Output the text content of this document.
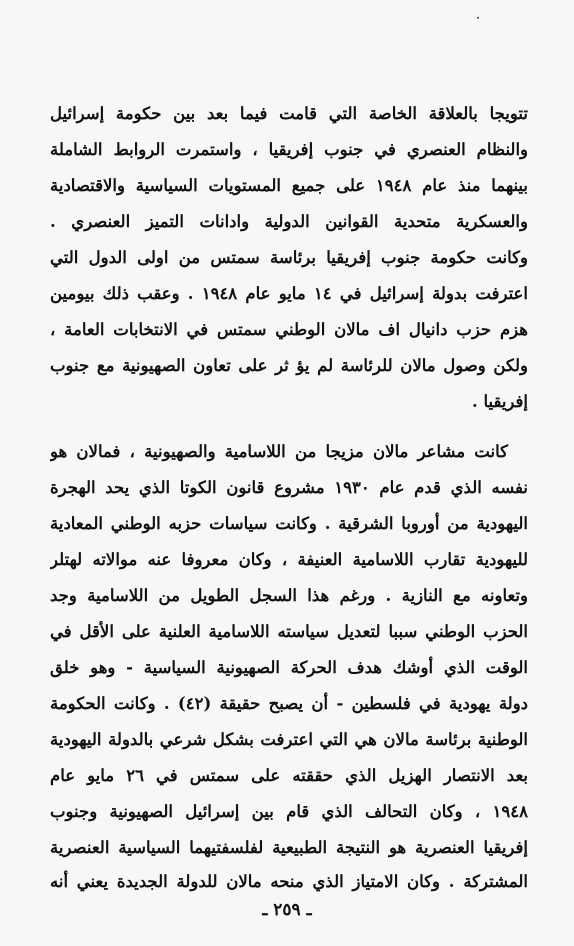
٠
تتويجا بالعلاقة الخاصة التي قامت فيما بعد بين حكومة إسرائيل
والنظام العنصري في جنوب إفريقيا ، واستمرت الروابط الشاملة
بينهما منذ عام ١٩٤٨ على جميع المستويات السياسية والاقتصادية
والعسكرية متحدية القوانين الدولية وادانات التميز العنصري .
وكانت حكومة جنوب إفريقيا برئاسة سمتس من اولى الدول التي
اعترفت بدولة إسرائيل في ١٤ مايو عام ١٩٤٨ . وعقب ذلك بيومين
هزم حزب دانيال اف مالان الوطني سمتس في الانتخابات العامة ،
ولكن وصول مالان للرئاسة لم يؤ ثر على تعاون الصهيونية مع جنوب
إفريقيا .
كانت مشاعر مالان مزيجا من اللاسامية والصهيونية ، فمالان هو
نفسه الذي قدم عام ١٩٣٠ مشروع قانون الكوتا الذي يحد الهجرة
اليهودية من أوروبا الشرقية . وكانت سياسات حزبه الوطني المعادية
لليهودية تقارب اللاسامية العنيفة ، وكان معروفا عنه موالاته لهتلر
وتعاونه مع النازية . ورغم هذا السجل الطويل من اللاسامية وجد
الحزب الوطني سببا لتعديل سياسته اللاسامية العلنية على الأقل في
الوقت الذي أوشك هدف الحركة الصهيونية السياسية - وهو خلق
دولة يهودية في فلسطين - أن يصبح حقيقة (٤٢) . وكانت الحكومة
الوطنية برئاسة مالان هي التي اعترفت بشكل شرعي بالدولة اليهودية
بعد الانتصار الهزيل الذي حققته على سمتس في ٢٦ مايو عام
١٩٤٨ ، وكان التحالف الذي قام بين إسرائيل الصهيونية وجنوب
إفريقيا العنصرية هو النتيجة الطبيعية لفلسفتيهما السياسية العنصرية
المشتركة . وكان الامتياز الذي منحه مالان للدولة الجديدة يعني أنه
ـ ٢٥٩ ـ
